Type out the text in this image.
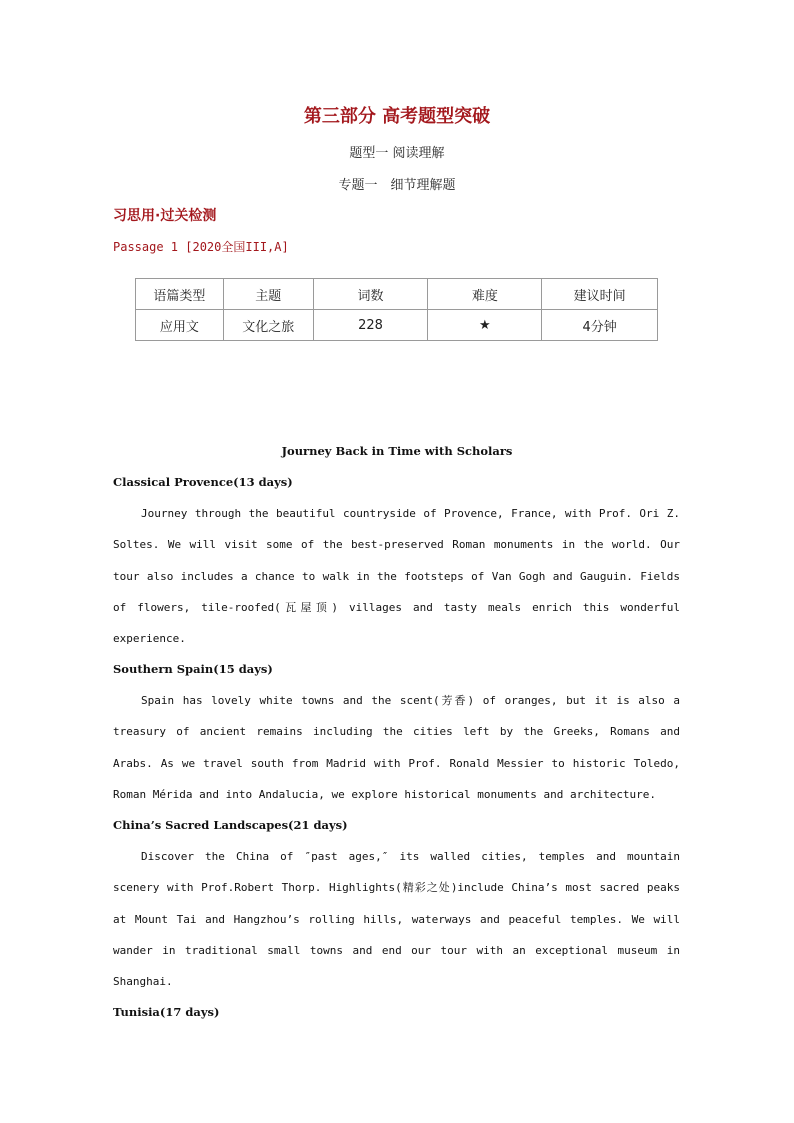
第三部分 高考题型突破
题型一 阅读理解
专题一　细节理解题
习思用·过关检测
Passage 1 [2020全国III,A]
语篇类型	主题	词数	难度	建议时间
应用文	文化之旅	228	★	4分钟
Journey Back in Time with Scholars
Classical Provence(13 days)
Journey through the beautiful countryside of Provence, France, with Prof. Ori Z. Soltes. We will visit some of the best-preserved Roman monuments in the world. Our tour also includes a chance to walk in the footsteps of Van Gogh and Gauguin. Fields of flowers, tile-roofed(瓦屋顶) villages and tasty meals enrich this wonderful experience.
Southern Spain(15 days)
Spain has lovely white towns and the scent(芳香) of oranges, but it is also a treasury of ancient remains including the cities left by the Greeks, Romans and Arabs. As we travel south from Madrid with Prof. Ronald Messier to historic Toledo, Roman Mérida and into Andalucia, we explore historical monuments and architecture.
China’s Sacred Landscapes(21 days)
Discover the China of ″past ages,″ its walled cities, temples and mountain scenery with Prof.Robert Thorp. Highlights(精彩之处)include China’s most sacred peaks at Mount Tai and Hangzhou’s rolling hills, waterways and peaceful temples. We will wander in traditional small towns and end our tour with an exceptional museum in Shanghai.
Tunisia(17 days)
